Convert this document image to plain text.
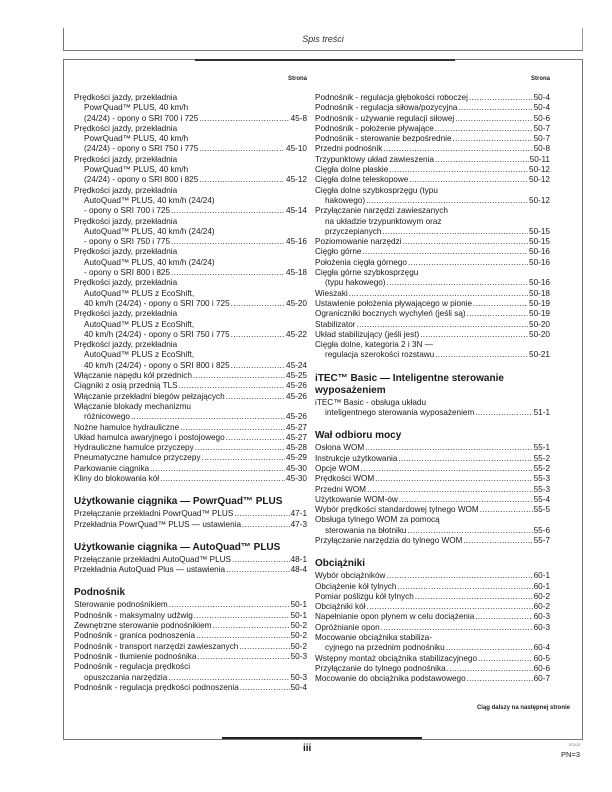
Spis treści
Strona
Prędkości jazdy, przekładnia
PowrQuad™ PLUS, 40 km/h
(24/24) - opony o SRI 700 i 725 .....	45-8
Prędkości jazdy, przekładnia
PowrQuad™ PLUS, 40 km/h
(24/24) - opony o SRI 750 i 775 .....	45-10
Prędkości jazdy, przekładnia
PowrQuad™ PLUS, 40 km/h
(24/24) - opony o SRI 800 i 825 .....	45-12
Prędkości jazdy, przekładnia
AutoQuad™ PLUS, 40 km/h (24/24)
- opony o SRI 700 i 725 .....	45-14
Prędkości jazdy, przekładnia
AutoQuad™ PLUS, 40 km/h (24/24)
- opony o SRI 750 i 775 .....	45-16
Prędkości jazdy, przekładnia
AutoQuad™ PLUS, 40 km/h (24/24)
- opony o SRI 800 i 825 .....	45-18
Prędkości jazdy, przekładnia
AutoQuad™ PLUS z EcoShift,
40 km/h (24/24) - opony o SRI 700 i 725 .....	45-20
Prędkości jazdy, przekładnia
AutoQuad™ PLUS z EcoShift,
40 km/h (24/24) - opony o SRI 750 i 775 .....	45-22
Prędkości jazdy, przekładnia
AutoQuad™ PLUS z EcoShift,
40 km/h (24/24) - opony o SRI 800 i 825 .....	45-24
Włączanie napędu kół przednich .....	45-25
Ciągniki z osią przednią TLS .....	45-26
Włączanie przekładni biegów pełzających .....	45-26
Włączanie blokady mechanizmu
różnicowego .....	45-26
Nożne hamulce hydrauliczne .....	45-27
Układ hamulca awaryjnego i postojowego .....	45-27
Hydrauliczne hamulce przyczepy .....	45-28
Pneumatyczne hamulce przyczepy .....	45-29
Parkowanie ciągnika .....	45-30
Kliny do blokowania kół .....	45-30
Użytkowanie ciągnika — PowrQuad™ PLUS
Przełączanie przekładni PowrQuad™ PLUS .....	47-1
Przekładnia PowrQuad™ PLUS — ustawienia .....	47-3
Użytkowanie ciągnika — AutoQuad™ PLUS
Przełączanie przekładni AutoQuad™ PLUS .....	48-1
Przekładnia AutoQuad Plus — ustawienia .....	48-4
Podnośnik
Sterowanie podnośnikiem .....	50-1
Podnośnik - maksymalny udźwig .....	50-1
Zewnętrzne sterowanie podnośnikiem .....	50-2
Podnośnik - granica podnoszenia .....	50-2
Podnośnik - transport narzędzi zawieszanych .....	50-2
Podnośnik - tłumienie podnośnika .....	50-3
Podnośnik - regulacja prędkości
opuszczania narzędzia .....	50-3
Podnośnik - regulacja prędkości podnoszenia .....	50-4
Strona
Podnośnik - regulacja głębokości roboczej .....	50-4
Podnośnik - regulacja siłowa/pozycyjna .....	50-4
Podnośnik - używanie regulacji siłowej .....	50-6
Podnośnik - położenie pływające .....	50-7
Podnośnik - sterowanie bezpośrednie .....	50-7
Przedni podnośnik .....	50-8
Trzypunktowy układ zawieszenia .....	50-11
Cięgła dolne płaskie .....	50-12
Cięgła dolne teleskopowe .....	50-12
Cięgła dolne szybkosprzęgu (typu
hakowego) .....	50-12
Przyłączanie narzędzi zawieszanych
na układzie trzypunktowym oraz
przyczepianych .....	50-15
Poziomowanie narzędzi .....	50-15
Cięgło górne .....	50-16
Położenia cięgła górnego .....	50-16
Cięgła górne szybkosprzęgu
(typu hakowego) .....	50-16
Wieszaki .....	50-18
Ustawienie położenia pływającego w pionie .....	50-19
Ograniczniki bocznych wychyleń (jeśli są) .....	50-19
Stabilizator .....	50-20
Układ stabilizujący (jeśli jest) .....	50-20
Cięgła dolne, kategoria 2 i 3N —
regulacja szerokości rozstawu .....	50-21
iTEC™ Basic — Inteligentne sterowanie wyposażeniem
iTEC™ Basic - obsługa układu
inteligentnego sterowania wyposażeniem .....	51-1
Wał odbioru mocy
Osłona WOM .....	55-1
Instrukcje użytkowania .....	55-2
Opcje WOM .....	55-2
Prędkości WOM .....	55-3
Przedni WOM .....	55-3
Użytkowanie WOM-ów .....	55-4
Wybór prędkości standardowej tylnego WOM .....	55-5
Obsługa tylnego WOM za pomocą
sterowania na błotniku .....	55-6
Przyłączanie narzędzia do tylnego WOM .....	55-7
Obciążniki
Wybór obciążników .....	60-1
Obciążenie kół tylnych .....	60-1
Pomiar poślizgu kół tylnych .....	60-2
Obciążniki kół .....	60-2
Napełnianie opon płynem w celu dociążenia .....	60-3
Opróżnianie opon .....	60-3
Mocowanie obciążnika stabiliza-
cyjnego na przednim podnośniku .....	60-4
Wstępny montaż obciążnika stabilizacyjnego .....	60-5
Przyłączanie do tylnego podnośnika .....	60-6
Mocowanie do obciążnika podstawowego .....	60-7
Ciąg dalszy na następnej stronie
iii	071113
PN=3
